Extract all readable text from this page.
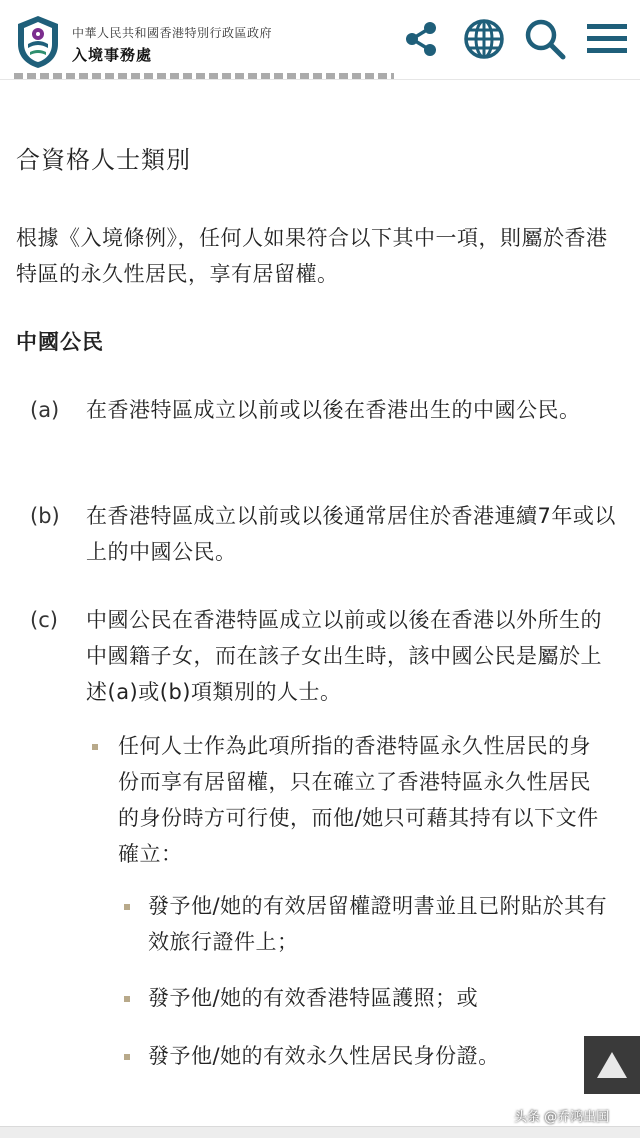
中華人民共和國香港特別行政區政府
入境事務處
合資格人士類別

根據《入境條例》，任何人如果符合以下其中一項，則屬於香港特區的永久性居民，享有居留權。

中國公民
(a) 在香港特區成立以前或以後在香港出生的中國公民。
(b) 在香港特區成立以前或以後通常居住於香港連續7年或以上的中國公民。
(c) 中國公民在香港特區成立以前或以後在香港以外所生的中國籍子女，而在該子女出生時，該中國公民是屬於上述(a)或(b)項類別的人士。
任何人士作為此項所指的香港特區永久性居民的身份而享有居留權，只在確立了香港特區永久性居民的身份時方可行使，而他/她只可藉其持有以下文件確立：
發予他/她的有效居留權證明書並且已附貼於其有效旅行證件上；
發予他/她的有效香港特區護照；或
發予他/她的有效永久性居民身份證。
头条 @乔鸿出国
